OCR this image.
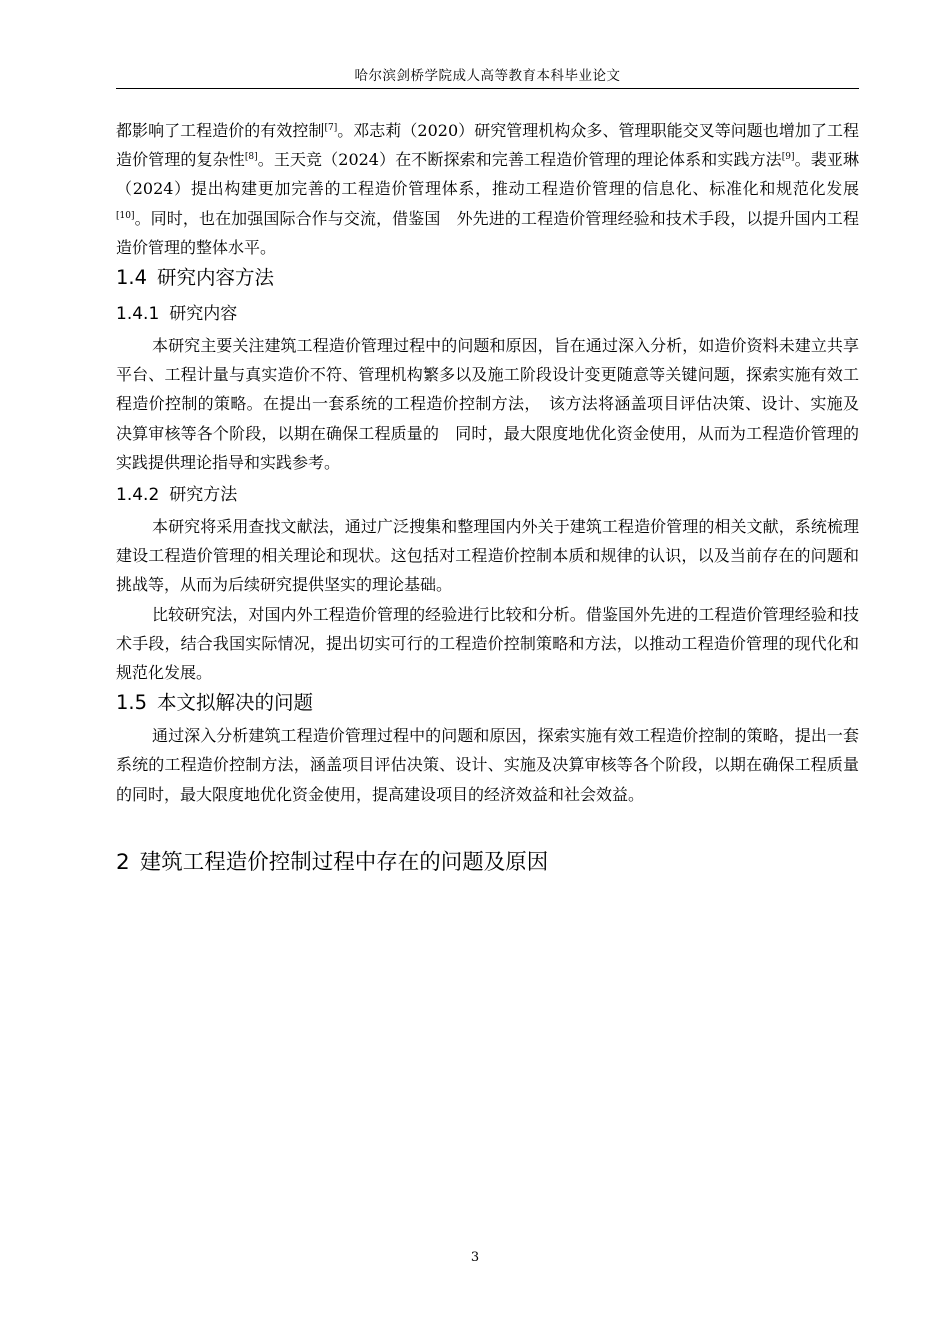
哈尔滨剑桥学院成人高等教育本科毕业论文

都影响了工程造价的有效控制[7]。邓志莉（2020）研究管理机构众多、管理职能交叉等问题也增加了工程造价管理的复杂性[8]。王天竞（2024）在不断探索和完善工程造价管理的理论体系和实践方法[9]。裴亚琳（2024）提出构建更加完善的工程造价管理体系，推动工程造价管理的信息化、标准化和规范化发展[10]。同时，也在加强国际合作与交流，借鉴国　外先进的工程造价管理经验和技术手段，以提升国内工程造价管理的整体水平。

1.4 研究内容方法
1.4.1 研究内容

本研究主要关注建筑工程造价管理过程中的问题和原因，旨在通过深入分析，如造价资料未建立共享平台、工程计量与真实造价不符、管理机构繁多以及施工阶段设计变更随意等关键问题，探索实施有效工程造价控制的策略。在提出一套系统的工程造价控制方法，　该方法将涵盖项目评估决策、设计、实施及决算审核等各个阶段，以期在确保工程质量的　同时，最大限度地优化资金使用，从而为工程造价管理的实践提供理论指导和实践参考。

1.4.2 研究方法

本研究将采用查找文献法，通过广泛搜集和整理国内外关于建筑工程造价管理的相关文献，系统梳理建设工程造价管理的相关理论和现状。这包括对工程造价控制本质和规律的认识，以及当前存在的问题和挑战等，从而为后续研究提供坚实的理论基础。

比较研究法，对国内外工程造价管理的经验进行比较和分析。借鉴国外先进的工程造价管理经验和技术手段，结合我国实际情况，提出切实可行的工程造价控制策略和方法，以推动工程造价管理的现代化和规范化发展。

1.5 本文拟解决的问题

通过深入分析建筑工程造价管理过程中的问题和原因，探索实施有效工程造价控制的策略，提出一套系统的工程造价控制方法，涵盖项目评估决策、设计、实施及决算审核等各个阶段，以期在确保工程质量的同时，最大限度地优化资金使用，提高建设项目的经济效益和社会效益。

2 建筑工程造价控制过程中存在的问题及原因
3
